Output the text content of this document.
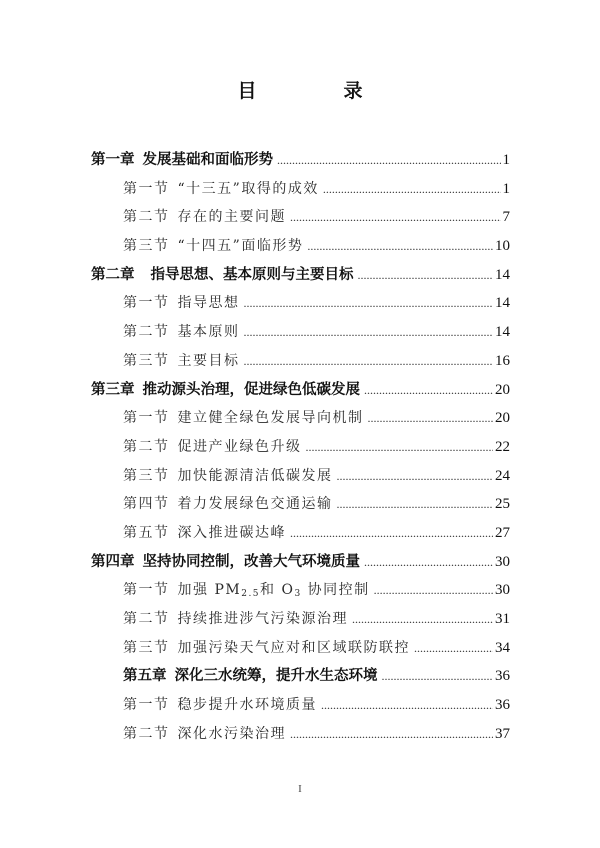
目　录
第一章 发展基础和面临形势 .....	1
第一节 “十三五”取得的成效 .....	1
第二节 存在的主要问题 .....	7
第三节 “十四五”面临形势 .....	10
第二章 指导思想、基本原则与主要目标 .....	14
第一节 指导思想 .....	14
第二节 基本原则 .....	14
第三节 主要目标 .....	16
第三章 推动源头治理，促进绿色低碳发展 .....	20
第一节 建立健全绿色发展导向机制 .....	20
第二节 促进产业绿色升级 .....	22
第三节 加快能源清洁低碳发展 .....	24
第四节 着力发展绿色交通运输 .....	25
第五节 深入推进碳达峰 .....	27
第四章 坚持协同控制，改善大气环境质量 .....	30
第一节 加强 $PM_{2.5}$和 $O_3$ 协同控制 .....	30
第二节 持续推进涉气污染源治理 .....	31
第三节 加强污染天气应对和区域联防联控 .....	34
第五章 深化三水统筹，提升水生态环境 .....	36
第一节 稳步提升水环境质量 .....	36
第二节 深化水污染治理 .....	37
I
